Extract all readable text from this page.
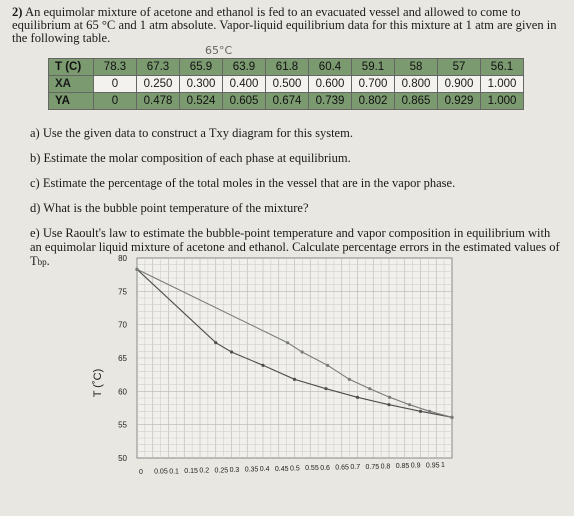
2) An equimolar mixture of acetone and ethanol is fed to an evacuated vessel and allowed to come to equilibrium at 65 °C and 1 atm absolute. Vapor-liquid equilibrium data for this mixture at 1 atm are given in the following table.
65°C
T (C)	78.3	67.3	65.9	63.9	61.8	60.4	59.1	58	57	56.1
XA	0	0.250	0.300	0.400	0.500	0.600	0.700	0.800	0.900	1.000
YA	0	0.478	0.524	0.605	0.674	0.739	0.802	0.865	0.929	1.000

a) Use the given data to construct a Txy diagram for this system.

b) Estimate the molar composition of each phase at equilibrium.

c) Estimate the percentage of the total moles in the vessel that are in the vapor phase.

d) What is the bubble point temperature of the mixture?

e) Use Raoult's law to estimate the bubble-point temperature and vapor composition in equilibrium with an equimolar liquid mixture of acetone and ethanol. Calculate percentage errors in the estimated values of Tbp.

50
55
60
65
70
75
80
0 0.05 0.1 0.15 0.2 0.25 0.3 0.35 0.4 0.45 0.5 0.55 0.6 0.65 0.7 0.75 0.8 0.85 0.9 0.95 1
T (˚C)
